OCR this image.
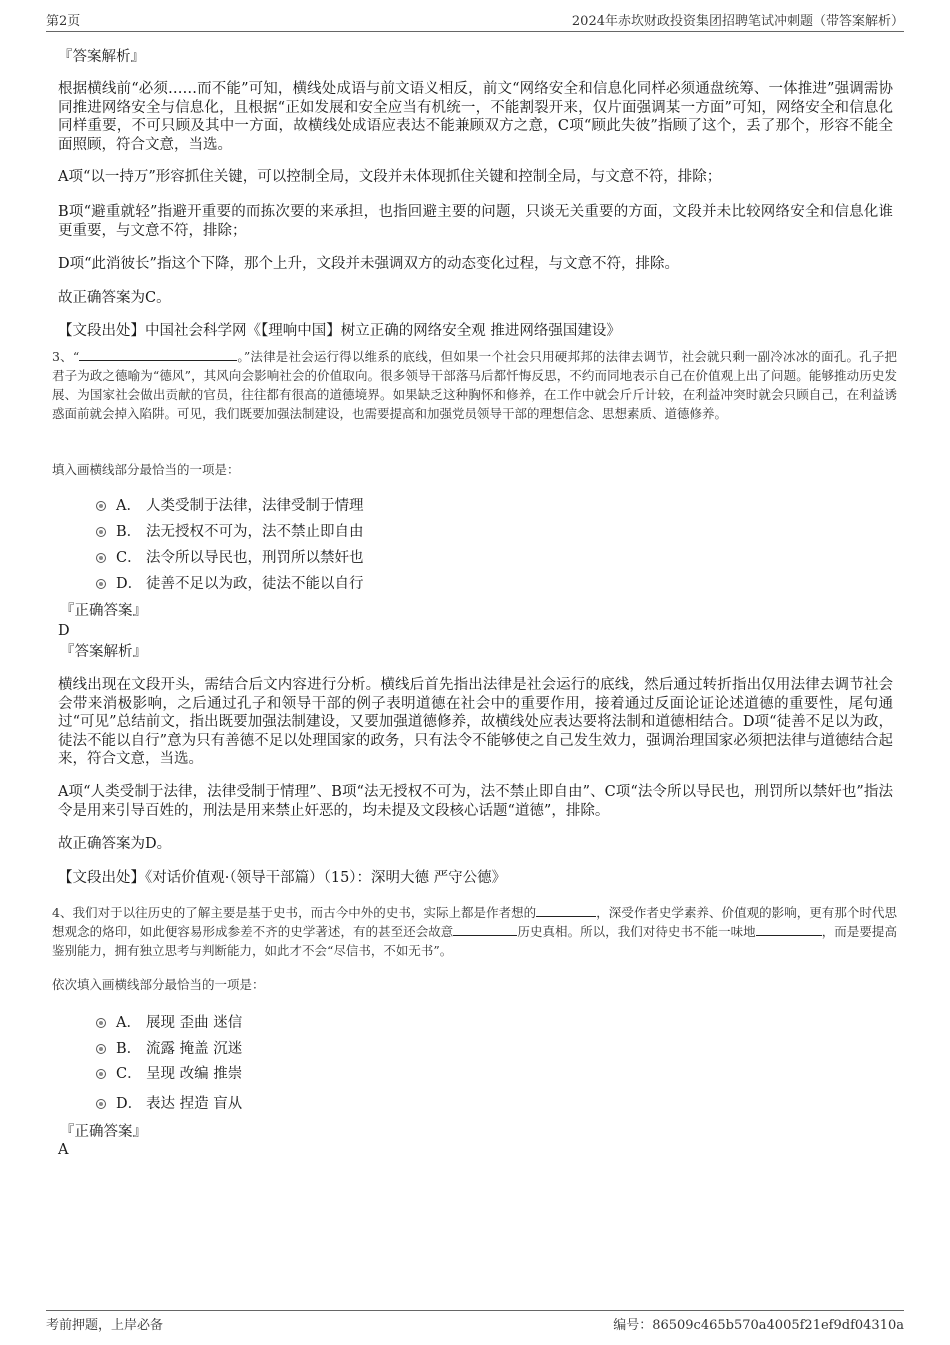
第2页	2024年赤坎财政投资集团招聘笔试冲刺题（带答案解析）

『答案解析』

根据横线前“必须……而不能”可知，横线处成语与前文语义相反，前文“网络安全和信息化同样必须通盘统筹、一体推进”强调需协同推进网络安全与信息化，且根据“正如发展和安全应当有机统一，不能割裂开来，仅片面强调某一方面”可知，网络安全和信息化同样重要，不可只顾及其中一方面，故横线处成语应表达不能兼顾双方之意，C项“顾此失彼”指顾了这个，丢了那个，形容不能全面照顾，符合文意，当选。

A项“以一持万”形容抓住关键，可以控制全局，文段并未体现抓住关键和控制全局，与文意不符，排除；

B项“避重就轻”指避开重要的而拣次要的来承担，也指回避主要的问题，只谈无关重要的方面，文段并未比较网络安全和信息化谁更重要，与文意不符，排除；

D项“此消彼长”指这个下降，那个上升，文段并未强调双方的动态变化过程，与文意不符，排除。

故正确答案为C。

【文段出处】中国社会科学网《【理响中国】树立正确的网络安全观 推进网络强国建设》

3、“	。”法律是社会运行得以维系的底线，但如果一个社会只用硬邦邦的法律去调节，社会就只剩一副冷冰冰的面孔。孔子把君子为政之德喻为“德风”，其风向会影响社会的价值取向。很多领导干部落马后都忏悔反思，不约而同地表示自己在价值观上出了问题。能够推动历史发展、为国家社会做出贡献的官员，往往都有很高的道德境界。如果缺乏这种胸怀和修养，在工作中就会斤斤计较，在利益冲突时就会只顾自己，在利益诱惑面前就会掉入陷阱。可见，我们既要加强法制建设，也需要提高和加强党员领导干部的理想信念、思想素质、道德修养。

填入画横线部分最恰当的一项是：

A． 人类受制于法律，法律受制于情理
B． 法无授权不可为，法不禁止即自由
C． 法令所以导民也，刑罚所以禁奸也
D． 徒善不足以为政，徒法不能以自行

『正确答案』

D

『答案解析』

横线出现在文段开头，需结合后文内容进行分析。横线后首先指出法律是社会运行的底线，然后通过转折指出仅用法律去调节社会会带来消极影响，之后通过孔子和领导干部的例子表明道德在社会中的重要作用，接着通过反面论证论述道德的重要性，尾句通过“可见”总结前文，指出既要加强法制建设，又要加强道德修养，故横线处应表达要将法制和道德相结合。D项“徒善不足以为政，徒法不能以自行”意为只有善德不足以处理国家的政务，只有法令不能够使之自己发生效力，强调治理国家必须把法律与道德结合起来，符合文意，当选。

A项“人类受制于法律，法律受制于情理”、B项“法无授权不可为，法不禁止即自由”、C项“法令所以导民也，刑罚所以禁奸也”指法令是用来引导百姓的，刑法是用来禁止奸恶的，均未提及文段核心话题“道德”，排除。

故正确答案为D。

【文段出处】《对话价值观·（领导干部篇）（15）：深明大德 严守公德》

4、我们对于以往历史的了解主要是基于史书，而古今中外的史书，实际上都是作者想的	，深受作者史学素养、价值观的影响，更有那个时代思想观念的烙印，如此便容易形成参差不齐的史学著述，有的甚至还会故意	历史真相。所以，我们对待史书不能一味地	，而是要提高鉴别能力，拥有独立思考与判断能力，如此才不会“尽信书，不如无书”。

依次填入画横线部分最恰当的一项是：

A． 展现 歪曲 迷信
B． 流露 掩盖 沉迷
C． 呈现 改编 推崇
D． 表达 捏造 盲从

『正确答案』

A

考前押题，上岸必备	编号：86509c465b570a4005f21ef9df04310a
